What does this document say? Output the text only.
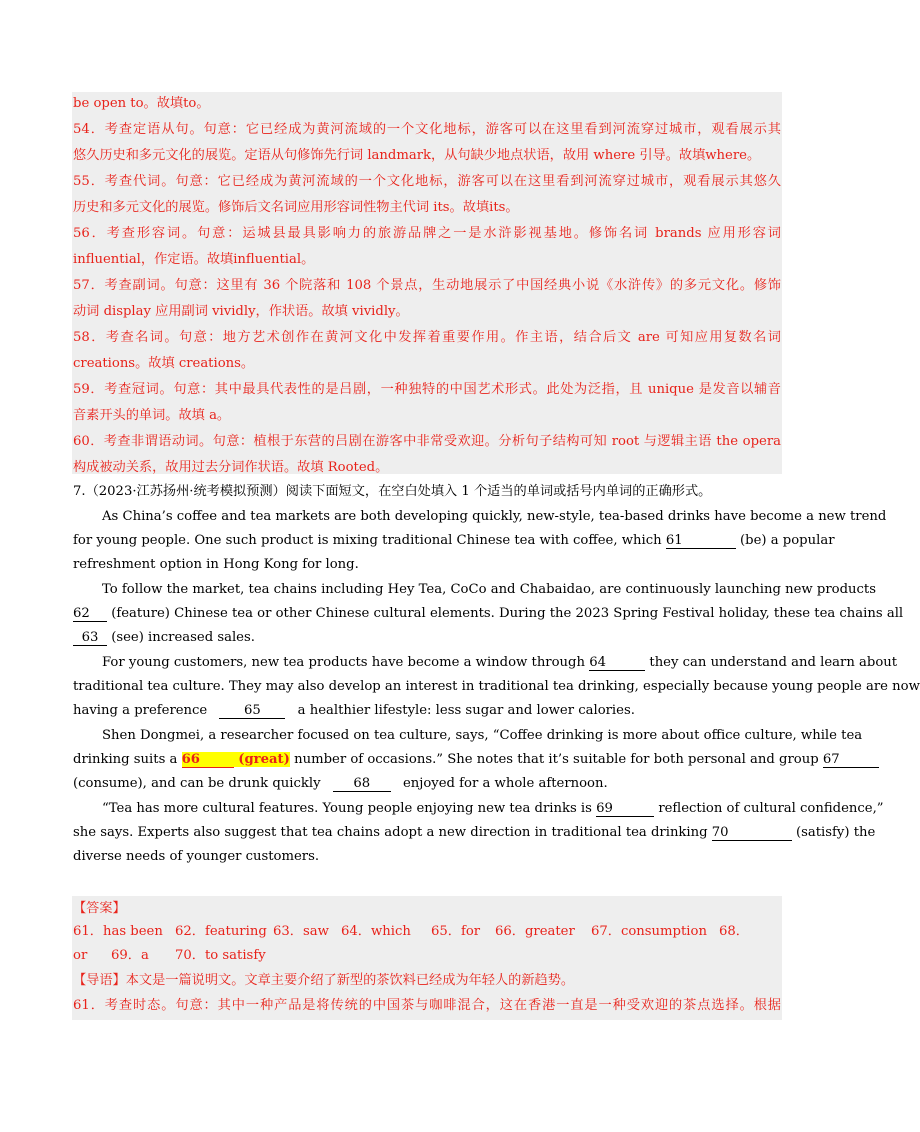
be open to。故填to。
54．考查定语从句。句意：它已经成为黄河流域的一个文化地标，游客可以在这里看到河流穿过城市，观看展示其
悠久历史和多元文化的展览。定语从句修饰先行词 landmark，从句缺少地点状语，故用 where 引导。故填where。
55．考查代词。句意：它已经成为黄河流域的一个文化地标，游客可以在这里看到河流穿过城市，观看展示其悠久
历史和多元文化的展览。修饰后文名词应用形容词性物主代词 its。故填its。
56．考查形容词。句意：运城县最具影响力的旅游品牌之一是水浒影视基地。修饰名词 brands 应用形容词
influential，作定语。故填influential。
57．考查副词。句意：这里有 36 个院落和 108 个景点，生动地展示了中国经典小说《水浒传》的多元文化。修饰
动词 display 应用副词 vividly，作状语。故填 vividly。
58．考查名词。句意：地方艺术创作在黄河文化中发挥着重要作用。作主语，结合后文 are 可知应用复数名词
creations。故填 creations。
59．考查冠词。句意：其中最具代表性的是吕剧，一种独特的中国艺术形式。此处为泛指，且 unique 是发音以辅音
音素开头的单词。故填 a。
60．考查非谓语动词。句意：植根于东营的吕剧在游客中非常受欢迎。分析句子结构可知 root 与逻辑主语 the opera
构成被动关系，故用过去分词作状语。故填 Rooted。
7.（2023·江苏扬州·统考模拟预测）阅读下面短文，在空白处填入 1 个适当的单词或括号内单词的正确形式。
As China’s coffee and tea markets are both developing quickly, new-style, tea-based drinks have become a new trend
for young people. One such product is mixing traditional Chinese tea with coffee, which 61	(be) a popular
refreshment option in Hong Kong for long.
To follow the market, tea chains including Hey Tea, CoCo and Chabaidao, are continuously launching new products
62 (feature) Chinese tea or other Chinese cultural elements. During the 2023 Spring Festival holiday, these tea chains all
63 (see) increased sales.
For young customers, new tea products have become a window through 64	they can understand and learn about
traditional tea culture. They may also develop an interest in traditional tea drinking, especially because young people are now
having a preference	65	a healthier lifestyle: less sugar and lower calories.
Shen Dongmei, a researcher focused on tea culture, says, “Coffee drinking is more about office culture, while tea
drinking suits a 66	(great) number of occasions.” She notes that it’s suitable for both personal and group 67
(consume), and can be drunk quickly 68 enjoyed for a whole afternoon.
“Tea has more cultural features. Young people enjoying new tea drinks is 69	reflection of cultural confidence,”
she says. Experts also suggest that tea chains adopt a new direction in traditional tea drinking 70	(satisfy) the
diverse needs of younger customers.
【答案】
61．has been 62．featuring 63．saw 64．which 65．for 66．greater 67．consumption 68．
or 69．a 70．to satisfy
【导语】本文是一篇说明文。文章主要介绍了新型的茶饮料已经成为年轻人的新趋势。
61．考查时态。句意：其中一种产品是将传统的中国茶与咖啡混合，这在香港一直是一种受欢迎的茶点选择。根据
